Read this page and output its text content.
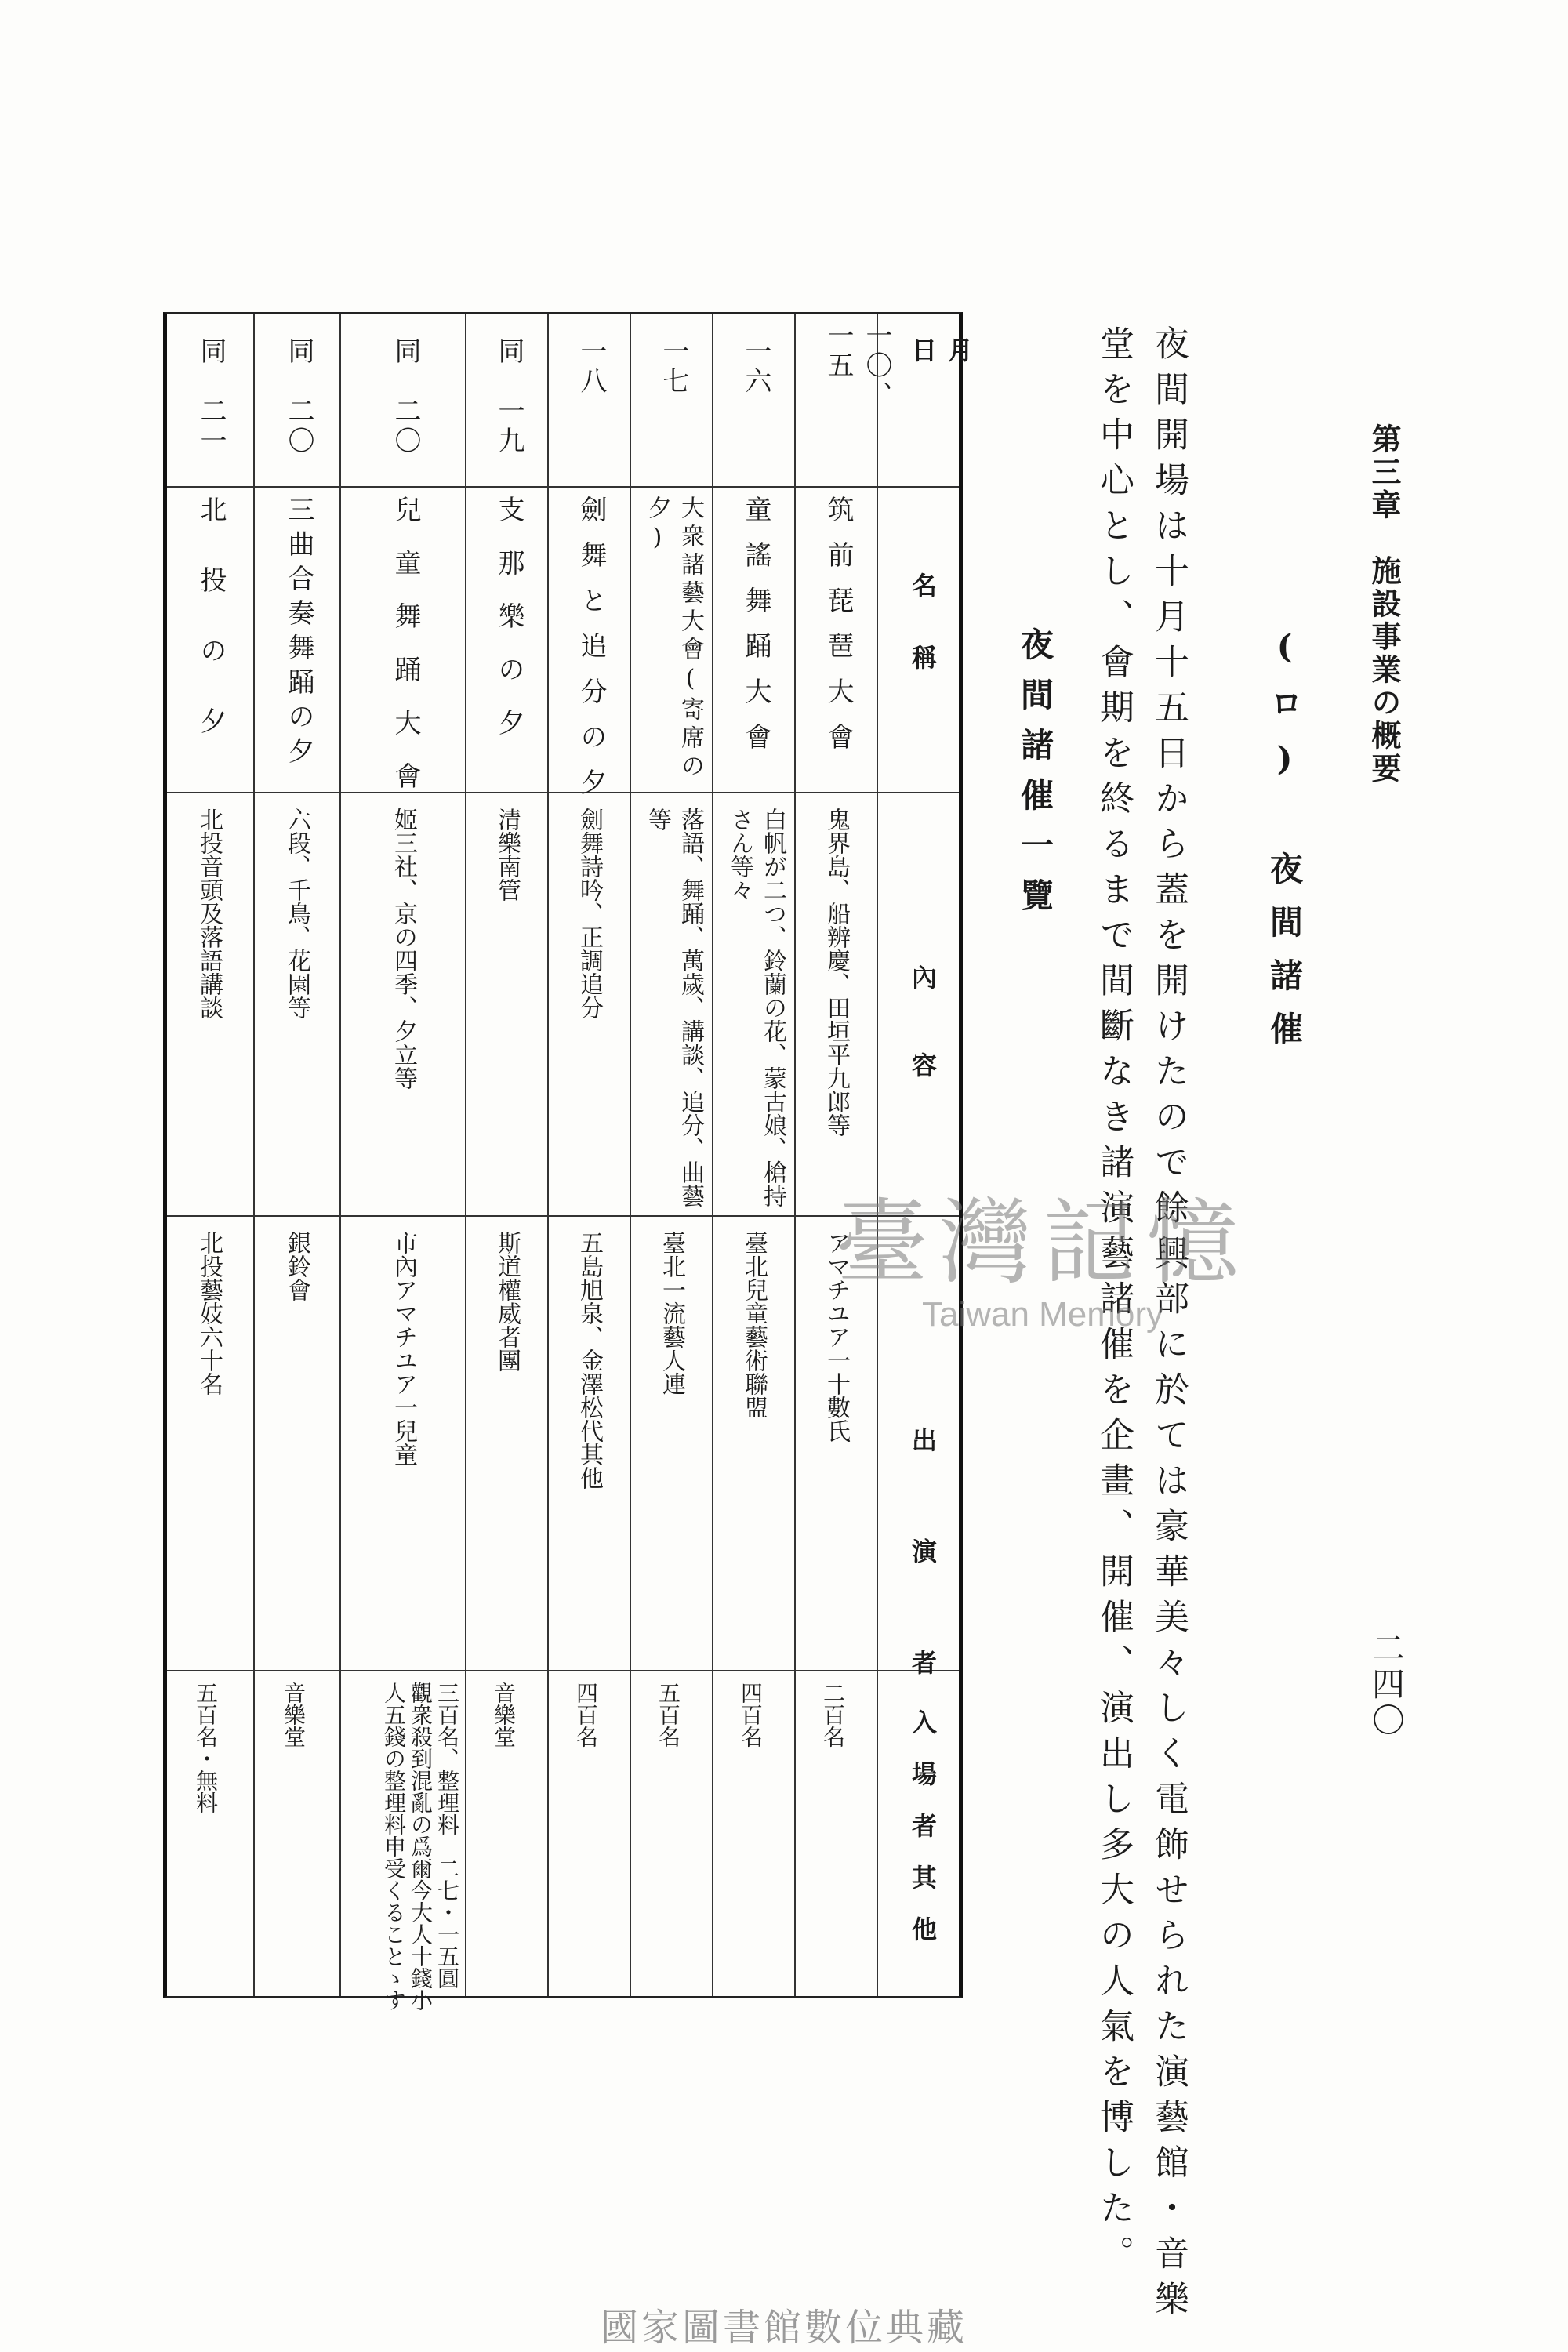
第三章　施設事業の概要
二四〇
(ロ)　夜間諸催
夜間開場は十月十五日から蓋を開けたので餘興部に於ては豪華美々しく電飾せられた演藝館・音樂
堂を中心とし、會期を終るまで間斷なき諸演藝諸催を企畫、開催、演出し多大の人氣を博した。
夜間諸催一覽
月日
名稱
內容
出演者
入場者其他
一〇、一五
筑前琵琶大會
鬼界島、船辨慶、田垣平九郎等
アマチユア一十數氏
二百名
一六
童謠舞踊大會
白帆が二つ、鈴蘭の花、蒙古娘、槍持さん等々
臺北兒童藝術聯盟
四百名
一七
大衆諸藝大會(寄席の夕)
落語、舞踊、萬歲、講談、追分、曲藝等
臺北一流藝人連
五百名
一八
劍舞と追分の夕
劍舞詩吟、正調追分
五島旭泉、金澤松代其他
四百名
同　一九
支那樂の夕
清樂南管
斯道權威者團
音樂堂
同　二〇
兒童舞踊大會
姬三社、京の四季、夕立等
市內アマチユア一兒童
三百名、整理料　二七・一五圓　觀衆殺到混亂の爲爾今大人十錢小人五錢の整理料申受くることゝす
同　二〇
三曲合奏舞踊の夕
六段、千鳥、花園等
銀鈴會
音樂堂
同　二一
北投の夕
北投音頭及落語講談
北投藝妓六十名
五百名・無料
臺灣記憶
Taiwan Memory
國家圖書館數位典藏
